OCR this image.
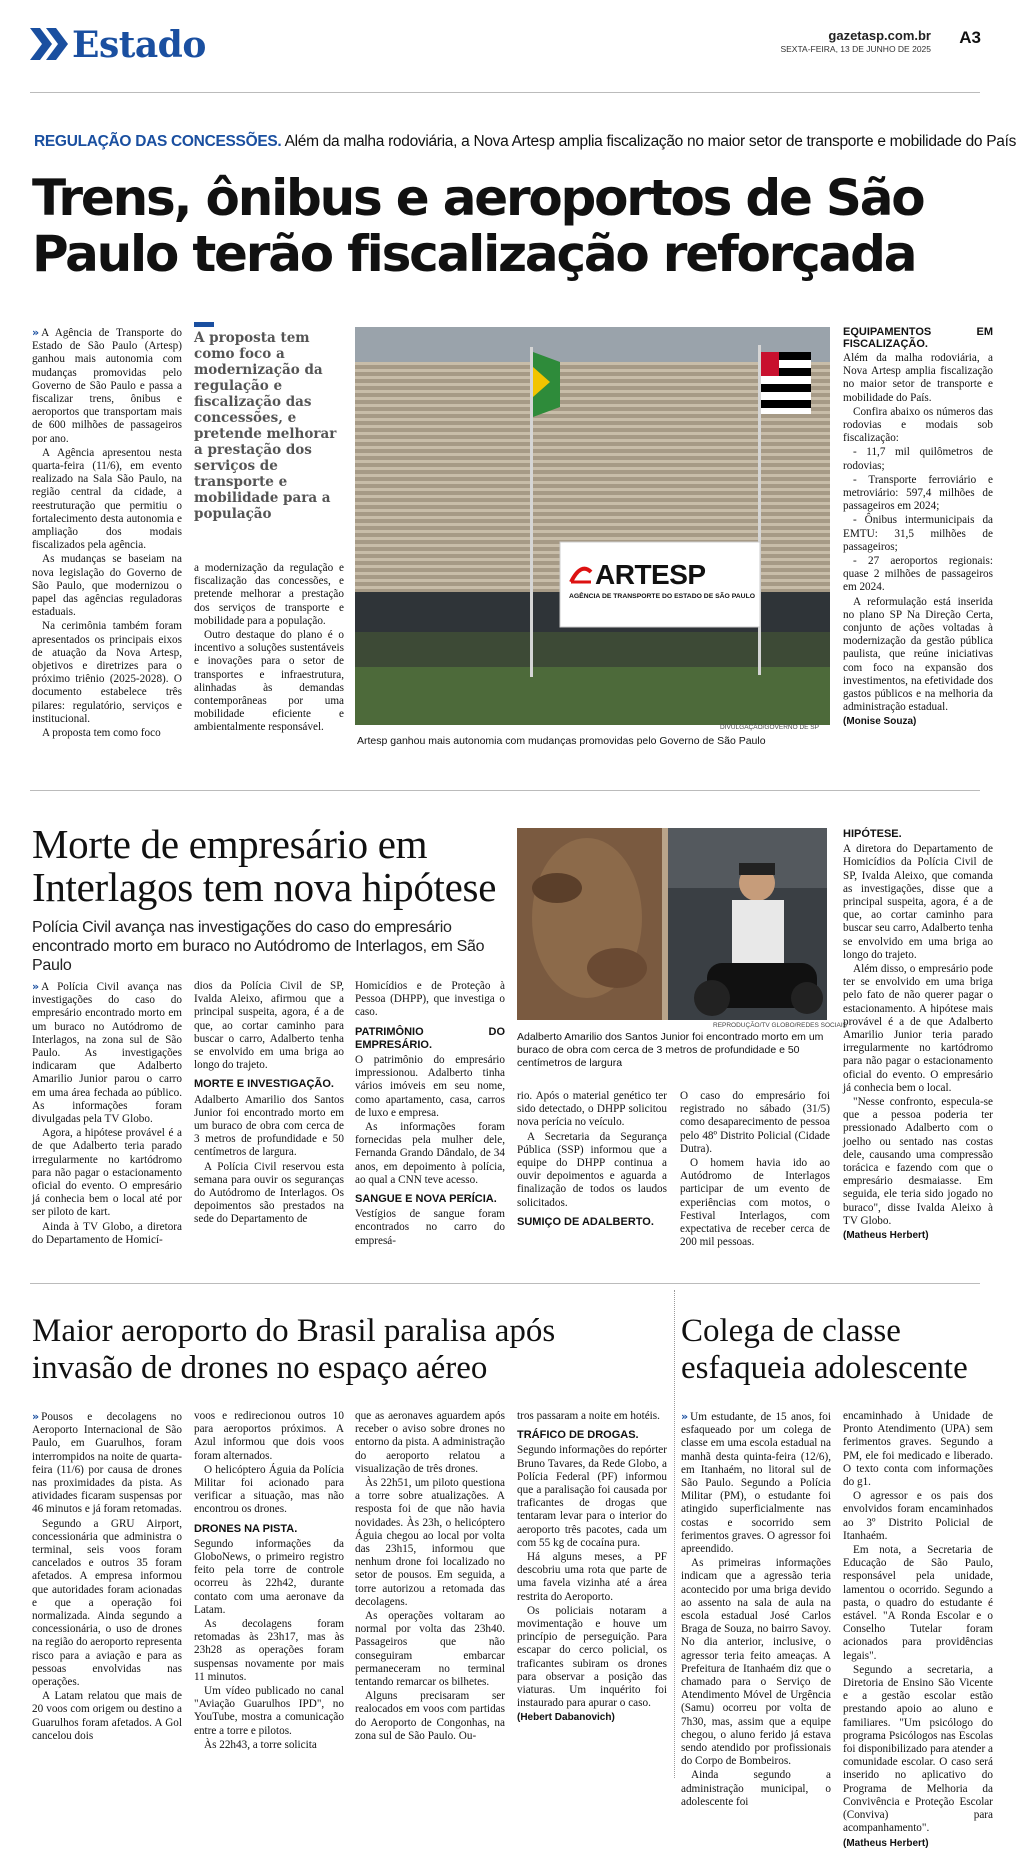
Estado	gazetasp.com.br
SEXTA-FEIRA, 13 DE JUNHO DE 2025
A3
REGULAÇÃO DAS CONCESSÕES. Além da malha rodoviária, a Nova Artesp amplia fiscalização no maior setor de transporte e mobilidade do País
Trens, ônibus e aeroportos de São Paulo terão fiscalização reforçada

» A Agência de Transporte do Estado de São Paulo (Artesp) ganhou mais autonomia com mudanças promovidas pelo Governo de São Paulo e passa a fiscalizar trens, ônibus e aeroportos que transportam mais de 600 milhões de passageiros por ano.

A Agência apresentou nesta quarta-feira (11/6), em evento realizado na Sala São Paulo, na região central da cidade, a reestruturação que permitiu o fortalecimento desta autonomia e ampliação dos modais fiscalizados pela agência.

As mudanças se baseiam na nova legislação do Governo de São Paulo, que modernizou o papel das agências reguladoras estaduais.

Na cerimônia também foram apresentados os principais eixos de atuação da Nova Artesp, objetivos e diretrizes para o próximo triênio (2025-2028). O documento estabelece três pilares: regulatório, serviços e institucional.

A proposta tem como foco

A proposta tem como foco a modernização da regulação e fiscalização das concessões, e pretende melhorar a prestação dos serviços de transporte e mobilidade para a população

a modernização da regulação e fiscalização das concessões, e pretende melhorar a prestação dos serviços de transporte e mobilidade para a população.

Outro destaque do plano é o incentivo a soluções sustentáveis e inovações para o setor de transportes e infraestrutura, alinhadas às demandas contemporâneas por uma mobilidade eficiente e ambientalmente responsável.

ARTESP
AGÊNCIA DE TRANSPORTE DO ESTADO DE SÃO PAULO
DIVULGAÇÃO/GOVERNO DE SP
Artesp ganhou mais autonomia com mudanças promovidas pelo Governo de São Paulo
EQUIPAMENTOS EM FISCALIZAÇÃO.

Além da malha rodoviária, a Nova Artesp amplia fiscalização no maior setor de transporte e mobilidade do País.

Confira abaixo os números das rodovias e modais sob fiscalização:

- 11,7 mil quilômetros de rodovias;

- Transporte ferroviário e metroviário: 597,4 milhões de passageiros em 2024;

- Ônibus intermunicipais da EMTU: 31,5 milhões de passageiros;

- 27 aeroportos regionais: quase 2 milhões de passageiros em 2024.

A reformulação está inserida no plano SP Na Direção Certa, conjunto de ações voltadas à modernização da gestão pública paulista, que reúne iniciativas com foco na expansão dos investimentos, na efetividade dos gastos públicos e na melhoria da administração estadual.

(Monise Souza)
Morte de empresário em Interlagos tem nova hipótese
Polícia Civil avança nas investigações do caso do empresário encontrado morto em buraco no Autódromo de Interlagos, em São Paulo

» A Polícia Civil avança nas investigações do caso do empresário encontrado morto em um buraco no Autódromo de Interlagos, na zona sul de São Paulo. As investigações indicaram que Adalberto Amarilio Junior parou o carro em uma área fechada ao público. As informações foram divulgadas pela TV Globo.

Agora, a hipótese provável é a de que Adalberto teria parado irregularmente no kartódromo para não pagar o estacionamento oficial do evento. O empresário já conhecia bem o local até por ser piloto de kart.

Ainda à TV Globo, a diretora do Departamento de Homicí-

dios da Polícia Civil de SP, Ivalda Aleixo, afirmou que a principal suspeita, agora, é a de que, ao cortar caminho para buscar o carro, Adalberto tenha se envolvido em uma briga ao longo do trajeto.

MORTE E INVESTIGAÇÃO.

Adalberto Amarilio dos Santos Junior foi encontrado morto em um buraco de obra com cerca de 3 metros de profundidade e 50 centímetros de largura.

A Polícia Civil reservou esta semana para ouvir os seguranças do Autódromo de Interlagos. Os depoimentos são prestados na sede do Departamento de

Homicídios e de Proteção à Pessoa (DHPP), que investiga o caso.

PATRIMÔNIO DO EMPRESÁRIO.

O patrimônio do empresário impressionou. Adalberto tinha vários imóveis em seu nome, como apartamento, casa, carros de luxo e empresa.

As informações foram fornecidas pela mulher dele, Fernanda Grando Dândalo, de 34 anos, em depoimento à polícia, ao qual a CNN teve acesso.

SANGUE E NOVA PERÍCIA.

Vestígios de sangue foram encontrados no carro do empresá-

REPRODUÇÃO/TV GLOBO/REDES SOCIAIS
Adalberto Amarilio dos Santos Junior foi encontrado morto em um buraco de obra com cerca de 3 metros de profundidade e 50 centímetros de largura

rio. Após o material genético ter sido detectado, o DHPP solicitou nova perícia no veículo.

A Secretaria da Segurança Pública (SSP) informou que a equipe do DHPP continua a ouvir depoimentos e aguarda a finalização de todos os laudos solicitados.

SUMIÇO DE ADALBERTO.

O caso do empresário foi registrado no sábado (31/5) como desaparecimento de pessoa pelo 48º Distrito Policial (Cidade Dutra).

O homem havia ido ao Autódromo de Interlagos participar de um evento de experiências com motos, o Festival Interlagos, com expectativa de receber cerca de 200 mil pessoas.

HIPÓTESE.

A diretora do Departamento de Homicídios da Polícia Civil de SP, Ivalda Aleixo, que comanda as investigações, disse que a principal suspeita, agora, é a de que, ao cortar caminho para buscar seu carro, Adalberto tenha se envolvido em uma briga ao longo do trajeto.

Além disso, o empresário pode ter se envolvido em uma briga pelo fato de não querer pagar o estacionamento. A hipótese mais provável é a de que Adalberto Amarilio Junior teria parado irregularmente no kartódromo para não pagar o estacionamento oficial do evento. O empresário já conhecia bem o local.

"Nesse confronto, especula-se que a pessoa poderia ter pressionado Adalberto com o joelho ou sentado nas costas dele, causando uma compressão torácica e fazendo com que o empresário desmaiasse. Em seguida, ele teria sido jogado no buraco", disse Ivalda Aleixo à TV Globo.

(Matheus Herbert)
Maior aeroporto do Brasil paralisa após invasão de drones no espaço aéreo

» Pousos e decolagens no Aeroporto Internacional de São Paulo, em Guarulhos, foram interrompidos na noite de quarta-feira (11/6) por causa de drones nas proximidades da pista. As atividades ficaram suspensas por 46 minutos e já foram retomadas.

Segundo a GRU Airport, concessionária que administra o terminal, seis voos foram cancelados e outros 35 foram afetados. A empresa informou que autoridades foram acionadas e que a operação foi normalizada. Ainda segundo a concessionária, o uso de drones na região do aeroporto representa risco para a aviação e para as pessoas envolvidas nas operações.

A Latam relatou que mais de 20 voos com origem ou destino a Guarulhos foram afetados. A Gol cancelou dois

voos e redirecionou outros 10 para aeroportos próximos. A Azul informou que dois voos foram alternados.

O helicóptero Águia da Polícia Militar foi acionado para verificar a situação, mas não encontrou os drones.

DRONES NA PISTA.

Segundo informações da GloboNews, o primeiro registro feito pela torre de controle ocorreu às 22h42, durante contato com uma aeronave da Latam.

As decolagens foram retomadas às 23h17, mas às 23h28 as operações foram suspensas novamente por mais 11 minutos.

Um vídeo publicado no canal "Aviação Guarulhos IPD", no YouTube, mostra a comunicação entre a torre e pilotos.

Às 22h43, a torre solicita

que as aeronaves aguardem após receber o aviso sobre drones no entorno da pista. A administração do aeroporto relatou a visualização de três drones.

Às 22h51, um piloto questiona a torre sobre atualizações. A resposta foi de que não havia novidades. Às 23h, o helicóptero Águia chegou ao local por volta das 23h15, informou que nenhum drone foi localizado no setor de pousos. Em seguida, a torre autorizou a retomada das decolagens.

As operações voltaram ao normal por volta das 23h40. Passageiros que não conseguiram embarcar permaneceram no terminal tentando remarcar os bilhetes.

Alguns precisaram ser realocados em voos com partidas do Aeroporto de Congonhas, na zona sul de São Paulo. Ou-

tros passaram a noite em hotéis.

TRÁFICO DE DROGAS.

Segundo informações do repórter Bruno Tavares, da Rede Globo, a Polícia Federal (PF) informou que a paralisação foi causada por traficantes de drogas que tentaram levar para o interior do aeroporto três pacotes, cada um com 55 kg de cocaína pura.

Há alguns meses, a PF descobriu uma rota que parte de uma favela vizinha até a área restrita do Aeroporto.

Os policiais notaram a movimentação e houve um princípio de perseguição. Para escapar do cerco policial, os traficantes subiram os drones para observar a posição das viaturas. Um inquérito foi instaurado para apurar o caso.

(Hebert Dabanovich)
Colega de classe esfaqueia adolescente

» Um estudante, de 15 anos, foi esfaqueado por um colega de classe em uma escola estadual na manhã desta quinta-feira (12/6), em Itanhaém, no litoral sul de São Paulo. Segundo a Polícia Militar (PM), o estudante foi atingido superficialmente nas costas e socorrido sem ferimentos graves. O agressor foi apreendido.

As primeiras informações indicam que a agressão teria acontecido por uma briga devido ao assento na sala de aula na escola estadual José Carlos Braga de Souza, no bairro Savoy. No dia anterior, inclusive, o agressor teria feito ameaças. A Prefeitura de Itanhaém diz que o chamado para o Serviço de Atendimento Móvel de Urgência (Samu) ocorreu por volta de 7h30, mas, assim que a equipe chegou, o aluno ferido já estava sendo atendido por profissionais do Corpo de Bombeiros.

Ainda segundo a administração municipal, o adolescente foi

encaminhado à Unidade de Pronto Atendimento (UPA) sem ferimentos graves. Segundo a PM, ele foi medicado e liberado. O texto conta com informações do g1.

O agressor e os pais dos envolvidos foram encaminhados ao 3º Distrito Policial de Itanhaém.

Em nota, a Secretaria de Educação de São Paulo, responsável pela unidade, lamentou o ocorrido. Segundo a pasta, o quadro do estudante é estável. "A Ronda Escolar e o Conselho Tutelar foram acionados para providências legais".

Segundo a secretaria, a Diretoria de Ensino São Vicente e a gestão escolar estão prestando apoio ao aluno e familiares. "Um psicólogo do programa Psicólogos nas Escolas foi disponibilizado para atender a comunidade escolar. O caso será inserido no aplicativo do Programa de Melhoria da Convivência e Proteção Escolar (Conviva) para acompanhamento".

(Matheus Herbert)
